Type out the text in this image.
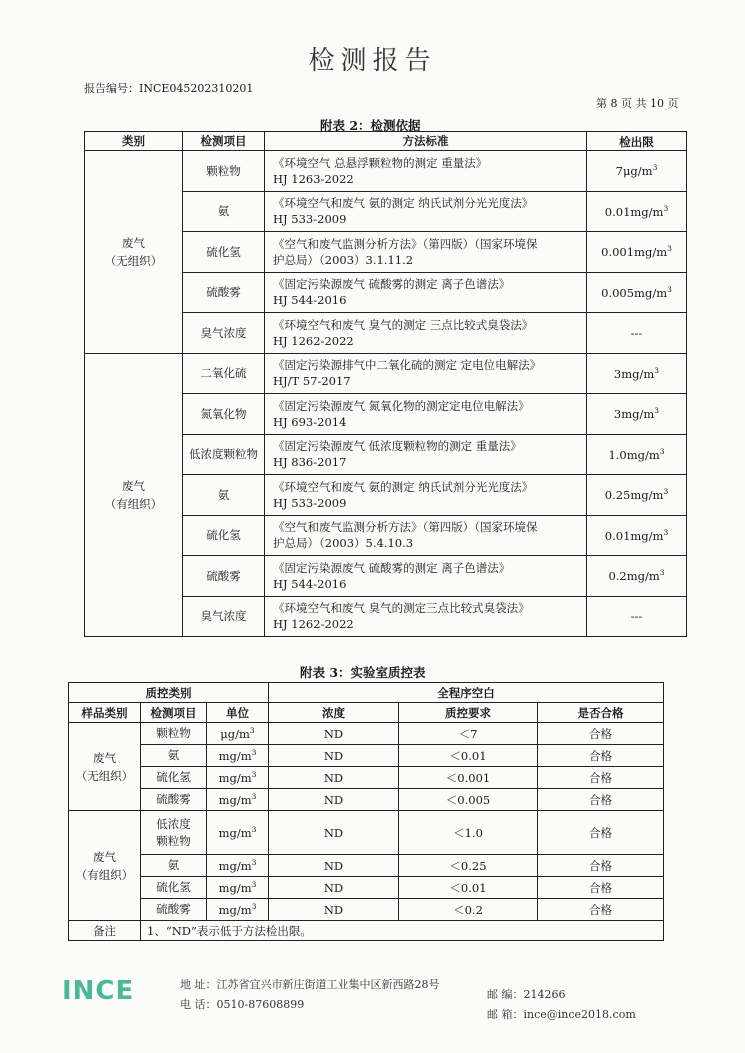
检测报告
报告编号：INCE045202310201
第 8 页 共 10 页
附表 2：检测依据
类别	检测项目	方法标准	检出限
废气
（无组织）	颗粒物	《环境空气 总悬浮颗粒物的测定 重量法》
HJ 1263-2022	$7\mu g/m^3$
	氨	《环境空气和废气 氨的测定 纳氏试剂分光光度法》
HJ 533-2009	$0.01mg/m^3$
	硫化氢	《空气和废气监测分析方法》（第四版）（国家环境保
护总局）（2003）3.1.11.2	$0.001mg/m^3$
	硫酸雾	《固定污染源废气 硫酸雾的测定 离子色谱法》
HJ 544-2016	$0.005mg/m^3$
	臭气浓度	《环境空气和废气 臭气的测定 三点比较式臭袋法》
HJ 1262-2022	---
废气
（有组织）	二氧化硫	《固定污染源排气中二氧化硫的测定 定电位电解法》
HJ/T 57-2017	$3mg/m^3$
	氮氧化物	《固定污染源废气 氮氧化物的测定定电位电解法》
HJ 693-2014	$3mg/m^3$
	低浓度颗粒物	《固定污染源废气 低浓度颗粒物的测定 重量法》
HJ 836-2017	$1.0mg/m^3$
	氨	《环境空气和废气 氨的测定 纳氏试剂分光光度法》
HJ 533-2009	$0.25mg/m^3$
	硫化氢	《空气和废气监测分析方法》（第四版）（国家环境保
护总局）（2003）5.4.10.3	$0.01mg/m^3$
	硫酸雾	《固定污染源废气 硫酸雾的测定 离子色谱法》
HJ 544-2016	$0.2mg/m^3$
	臭气浓度	《环境空气和废气 臭气的测定三点比较式臭袋法》
HJ 1262-2022	---
附表 3：实验室质控表
质控类别			全程序空白		
样品类别	检测项目	单位	浓度	质控要求	是否合格
废气
（无组织）	颗粒物	$\mu g/m^3$	ND	＜7	合格
	氨	$mg/m^3$	ND	＜0.01	合格
	硫化氢	$mg/m^3$	ND	＜0.001	合格
	硫酸雾	$mg/m^3$	ND	＜0.005	合格
废气
（有组织）	低浓度
颗粒物	$mg/m^3$	ND	＜1.0	合格
	氨	$mg/m^3$	ND	＜0.25	合格
	硫化氢	$mg/m^3$	ND	＜0.01	合格
	硫酸雾	$mg/m^3$	ND	＜0.2	合格
备注	1、“ND”表示低于方法检出限。				
INCE	地 址：江苏省宜兴市新庄街道工业集中区新西路28号
电 话：0510-87608899
邮 编：214266
邮 箱：ince@ince2018.com
